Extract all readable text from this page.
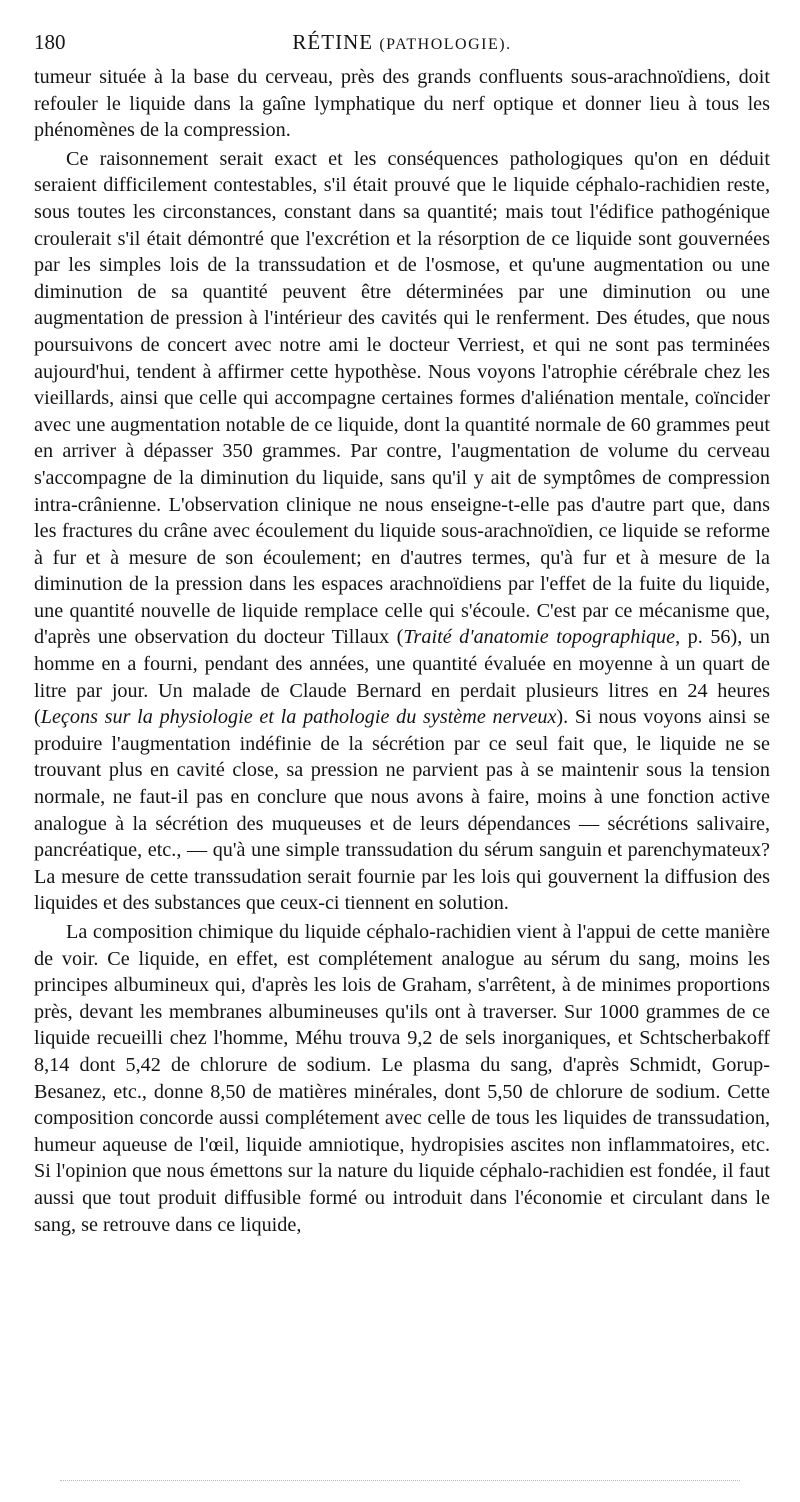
180	RÉTINE (PATHOLOGIE).

tumeur située à la base du cerveau, près des grands confluents sous-arachnoïdiens, doit refouler le liquide dans la gaîne lymphatique du nerf optique et donner lieu à tous les phénomènes de la compression.

Ce raisonnement serait exact et les conséquences pathologiques qu'on en déduit seraient difficilement contestables, s'il était prouvé que le liquide céphalo-rachidien reste, sous toutes les circonstances, constant dans sa quantité; mais tout l'édifice pathogénique croulerait s'il était démontré que l'excrétion et la résorption de ce liquide sont gouvernées par les simples lois de la transsudation et de l'osmose, et qu'une augmentation ou une diminution de sa quantité peuvent être déterminées par une diminution ou une augmentation de pression à l'intérieur des cavités qui le renferment. Des études, que nous poursuivons de concert avec notre ami le docteur Verriest, et qui ne sont pas terminées aujourd'hui, tendent à affirmer cette hypothèse. Nous voyons l'atrophie cérébrale chez les vieillards, ainsi que celle qui accompagne certaines formes d'aliénation mentale, coïncider avec une augmentation notable de ce liquide, dont la quantité normale de 60 grammes peut en arriver à dépasser 350 grammes. Par contre, l'augmentation de volume du cerveau s'accompagne de la diminution du liquide, sans qu'il y ait de symptômes de compression intra-crânienne. L'observation clinique ne nous enseigne-t-elle pas d'autre part que, dans les fractures du crâne avec écoulement du liquide sous-arachnoïdien, ce liquide se reforme à fur et à mesure de son écoulement; en d'autres termes, qu'à fur et à mesure de la diminution de la pression dans les espaces arachnoïdiens par l'effet de la fuite du liquide, une quantité nouvelle de liquide remplace celle qui s'écoule. C'est par ce mécanisme que, d'après une observation du docteur Tillaux (Traité d'anatomie topographique, p. 56), un homme en a fourni, pendant des années, une quantité évaluée en moyenne à un quart de litre par jour. Un malade de Claude Bernard en perdait plusieurs litres en 24 heures (Leçons sur la physiologie et la pathologie du système nerveux). Si nous voyons ainsi se produire l'augmentation indéfinie de la sécrétion par ce seul fait que, le liquide ne se trouvant plus en cavité close, sa pression ne parvient pas à se maintenir sous la tension normale, ne faut-il pas en conclure que nous avons à faire, moins à une fonction active analogue à la sécrétion des muqueuses et de leurs dépendances — sécrétions salivaire, pancréatique, etc., — qu'à une simple transsudation du sérum sanguin et parenchymateux? La mesure de cette transsudation serait fournie par les lois qui gouvernent la diffusion des liquides et des substances que ceux-ci tiennent en solution.

La composition chimique du liquide céphalo-rachidien vient à l'appui de cette manière de voir. Ce liquide, en effet, est complétement analogue au sérum du sang, moins les principes albumineux qui, d'après les lois de Graham, s'arrêtent, à de minimes proportions près, devant les membranes albumineuses qu'ils ont à traverser. Sur 1000 grammes de ce liquide recueilli chez l'homme, Méhu trouva 9,2 de sels inorganiques, et Schtscherbakoff 8,14 dont 5,42 de chlorure de sodium. Le plasma du sang, d'après Schmidt, Gorup-Besanez, etc., donne 8,50 de matières minérales, dont 5,50 de chlorure de sodium. Cette composition concorde aussi complétement avec celle de tous les liquides de transsudation, humeur aqueuse de l'œil, liquide amniotique, hydropisies ascites non inflammatoires, etc. Si l'opinion que nous émettons sur la nature du liquide céphalo-rachidien est fondée, il faut aussi que tout produit diffusible formé ou introduit dans l'économie et circulant dans le sang, se retrouve dans ce liquide,
